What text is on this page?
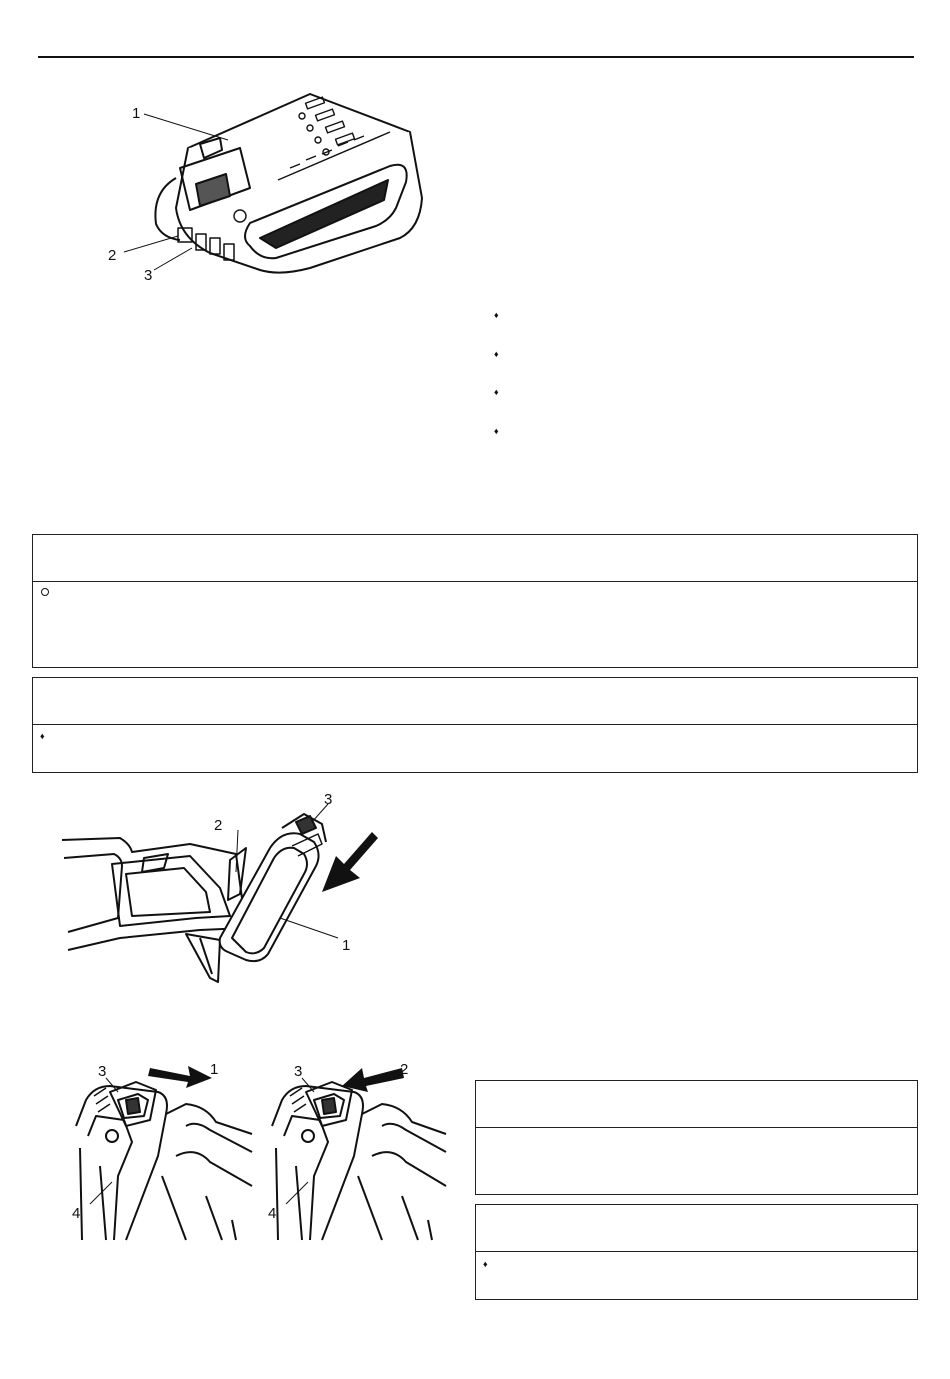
1
2
3
♦
♦
♦
♦
♦
3
2
1
3	1
4
3	2
4
♦
